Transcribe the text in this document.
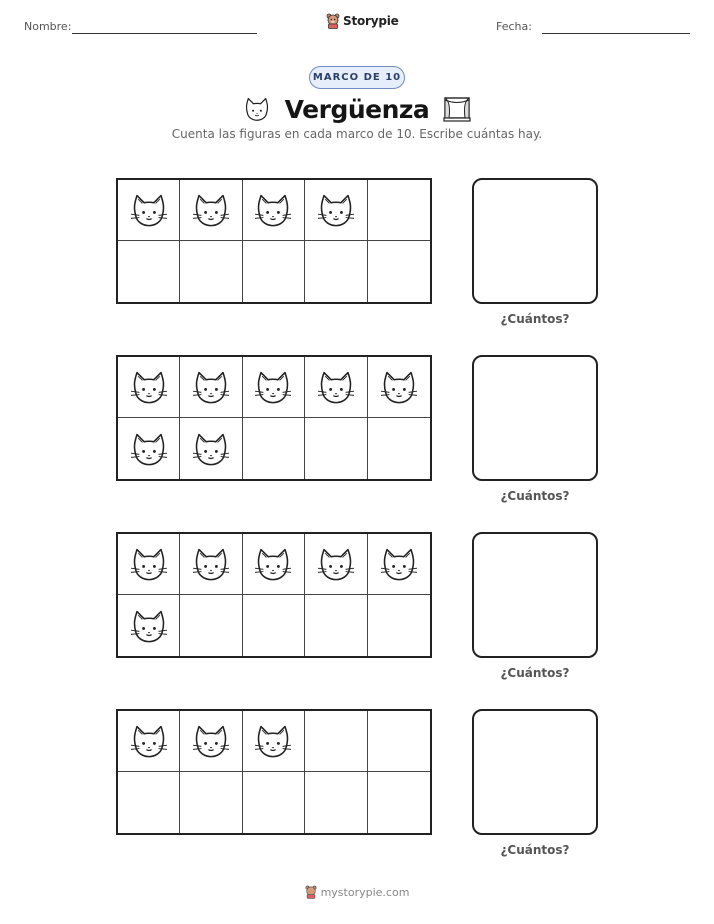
Nombre:	Storypie	Fecha:
MARCO DE 10
Vergüenza
Cuenta las figuras en cada marco de 10. Escribe cuántas hay.
¿Cuántos?
¿Cuántos?
¿Cuántos?
¿Cuántos?
mystorypie.com
